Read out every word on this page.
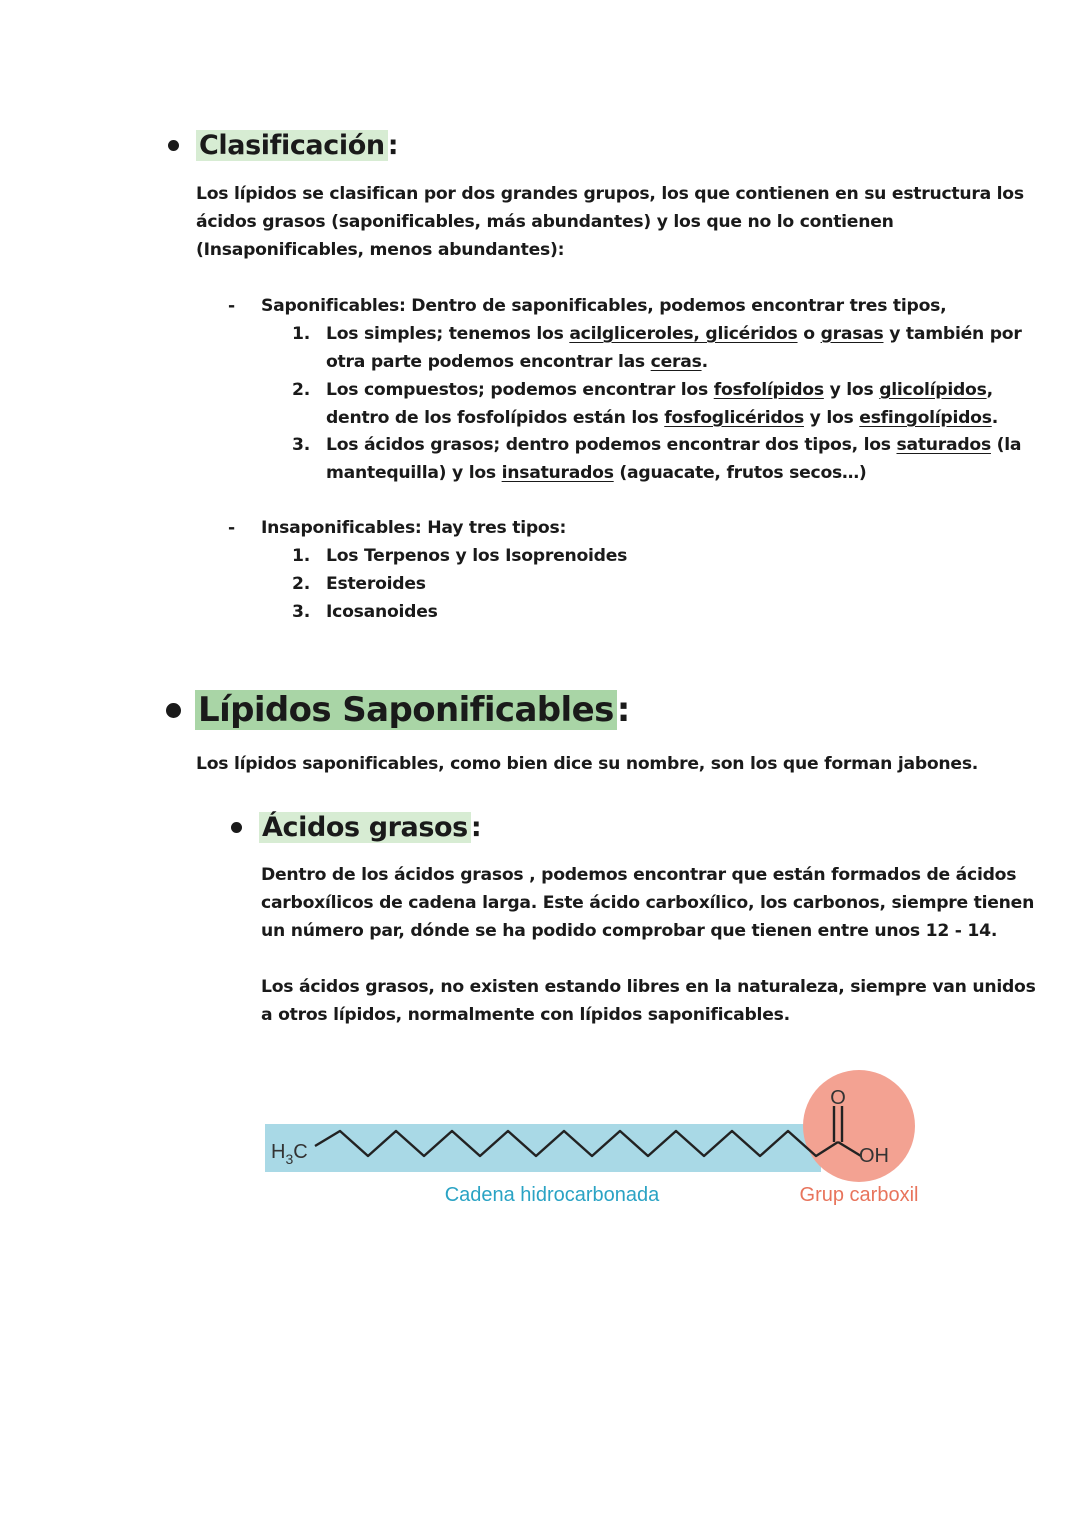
Clasificación :
Los lípidos se clasifican por dos grandes grupos, los que contienen en su estructura los
ácidos grasos (saponificables, más abundantes) y los que no lo contienen
(Insaponificables, menos abundantes):
- Saponificables: Dentro de saponificables, podemos encontrar tres tipos,
1. Los simples; tenemos los acilgliceroles, glicéridos o grasas y también por
otra parte podemos encontrar las ceras.
2. Los compuestos; podemos encontrar los fosfolípidos y los glicolípidos,
dentro de los fosfolípidos están los fosfoglicéridos y los esfingolípidos.
3. Los ácidos grasos; dentro podemos encontrar dos tipos, los saturados (la
mantequilla) y los insaturados (aguacate, frutos secos…)
- Insaponificables: Hay tres tipos:
1. Los Terpenos y los Isoprenoides
2. Esteroides
3. Icosanoides
Lípidos Saponificables :
Los lípidos saponificables, como bien dice su nombre, son los que forman jabones.
Ácidos grasos :
Dentro de los ácidos grasos , podemos encontrar que están formados de ácidos
carboxílicos de cadena larga. Este ácido carboxílico, los carbonos, siempre tienen
un número par, dónde se ha podido comprobar que tienen entre unos 12 - 14.
Los ácidos grasos, no existen estando libres en la naturaleza, siempre van unidos
a otros lípidos, normalmente con lípidos saponificables.
$H_3C$
O
OH
Cadena hidrocarbonada	Grup carboxil
